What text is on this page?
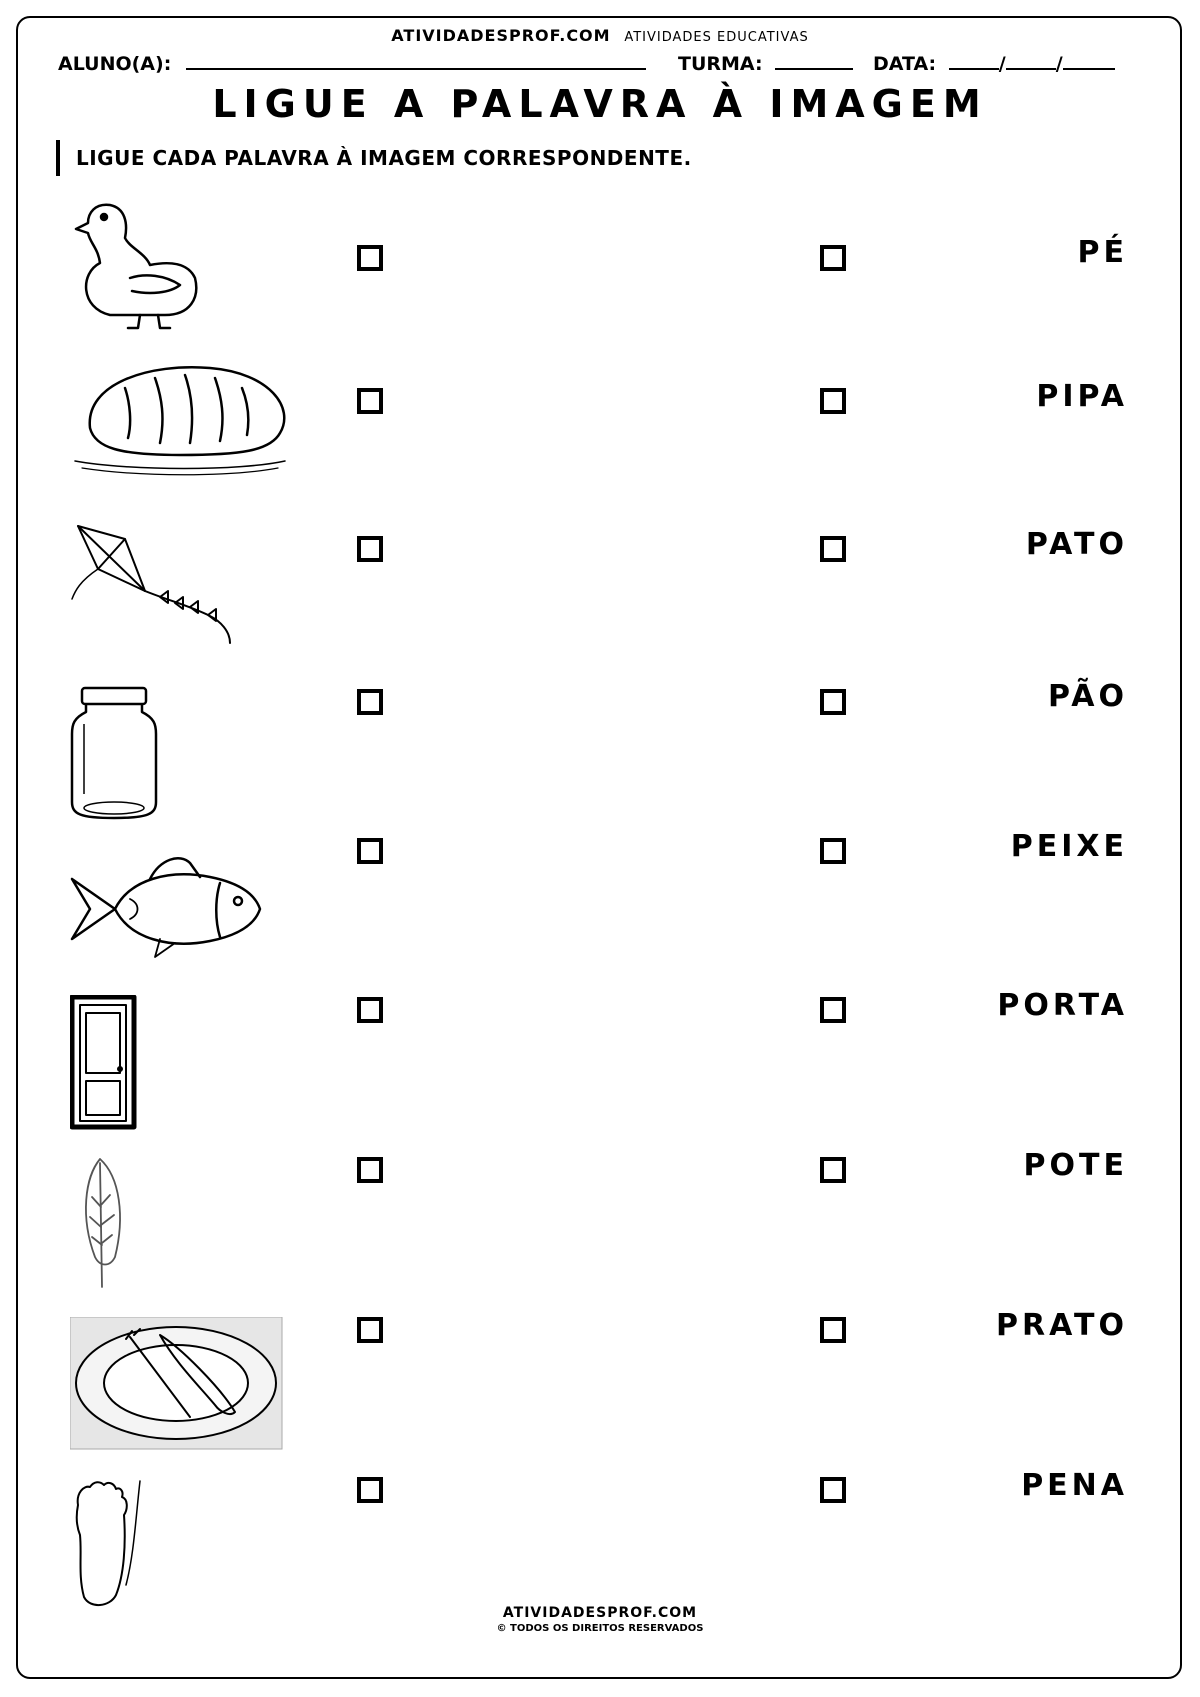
ATIVIDADESPROF.COM ATIVIDADES EDUCATIVAS
ALUNO(A):	TURMA:	DATA:	/	/
LIGUE A PALAVRA À IMAGEM
LIGUE CADA PALAVRA À IMAGEM CORRESPONDENTE.
PÉ
PIPA
PATO
PÃO
PEIXE
PORTA
POTE
PRATO
PENA
ATIVIDADESPROF.COM
© TODOS OS DIREITOS RESERVADOS
